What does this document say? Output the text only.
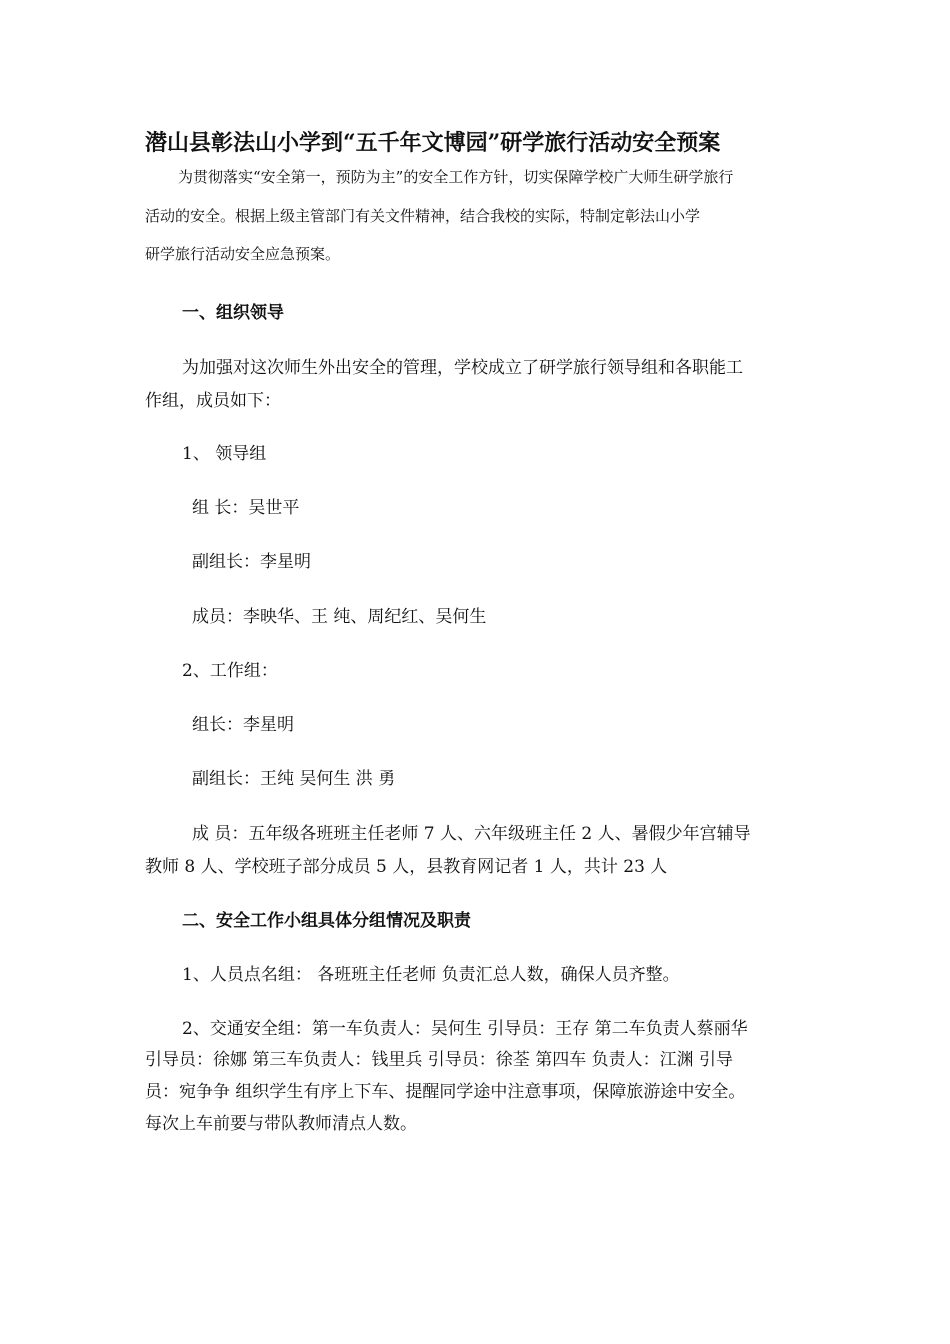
潜山县彰法山小学到“五千年文博园”研学旅行活动安全预案
为贯彻落实“安全第一，预防为主”的安全工作方针，切实保障学校广大师生研学旅行
活动的安全。根据上级主管部门有关文件精神，结合我校的实际，特制定彰法山小学
研学旅行活动安全应急预案。
一、组织领导
为加强对这次师生外出安全的管理，学校成立了研学旅行领导组和各职能工
作组，成员如下：
1、 领导组
组 长：吴世平
副组长：李星明
成员：李映华、王 纯、周纪红、吴何生
2、工作组：
组长：李星明
副组长：王纯 吴何生 洪 勇
成 员：五年级各班班主任老师 7 人、六年级班主任 2 人、暑假少年宫辅导
教师 8 人、学校班子部分成员 5 人，县教育网记者 1 人，共计 23 人
二、安全工作小组具体分组情况及职责
1、人员点名组： 各班班主任老师 负责汇总人数，确保人员齐整。
2、交通安全组：第一车负责人：吴何生 引导员：王存 第二车负责人蔡丽华
引导员：徐娜 第三车负责人：钱里兵 引导员：徐荃 第四车 负责人：江渊 引导
员：宛争争 组织学生有序上下车、提醒同学途中注意事项，保障旅游途中安全。
每次上车前要与带队教师清点人数。
